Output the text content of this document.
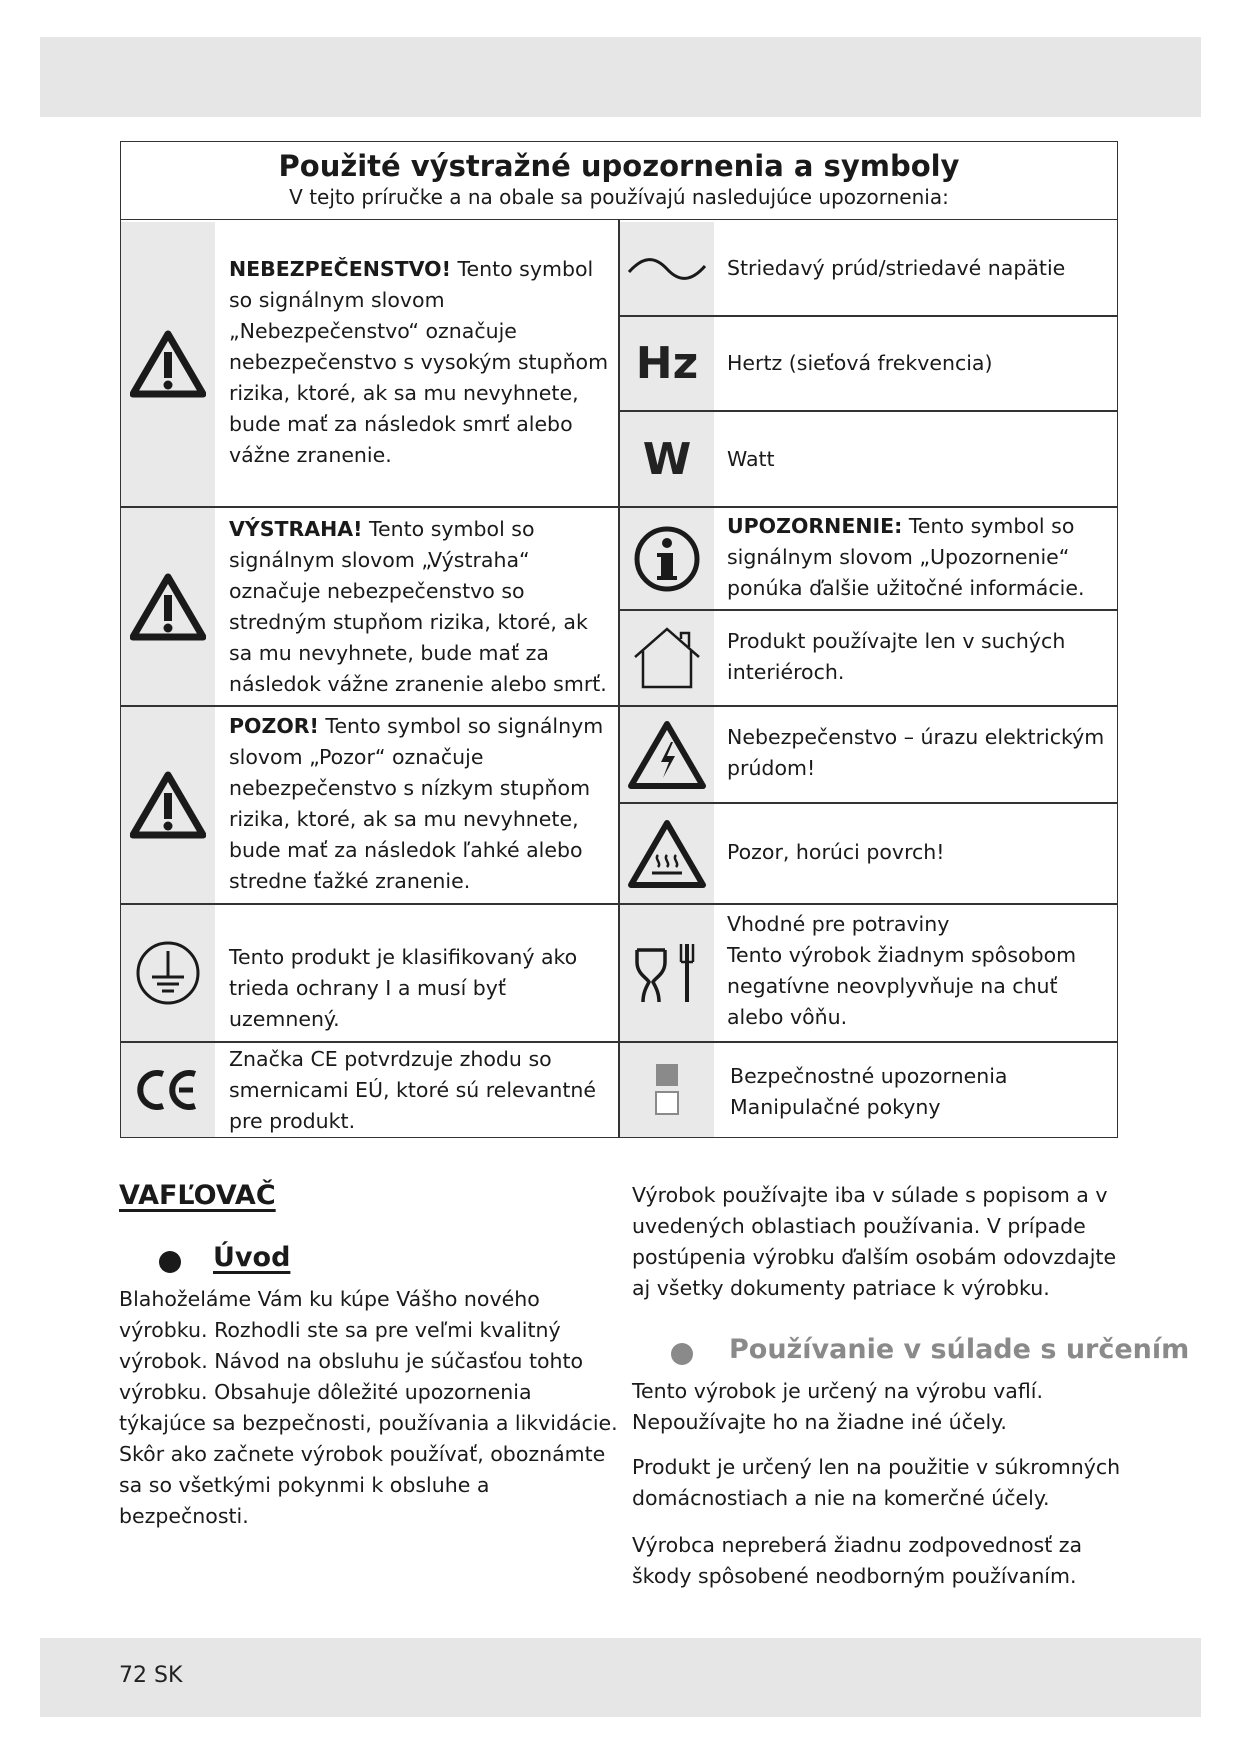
Použité výstražné upozornenia a symboly
V tejto príručke a na obale sa používajú nasledujúce upozornenia:
Hz
W
NEBEZPEČENSTVO! Tento symbol so signálnym slovom „Nebezpečenstvo“ označuje nebezpečenstvo s vysokým stupňom rizika, ktoré, ak sa mu nevyhnete, bude mať za následok smrť alebo vážne zranenie.
VÝSTRAHA! Tento symbol so signálnym slovom „Výstraha“ označuje nebezpečenstvo so stredným stupňom rizika, ktoré, ak sa mu nevyhnete, bude mať za následok vážne zranenie alebo smrť.
POZOR! Tento symbol so signálnym slovom „Pozor“ označuje nebezpečenstvo s nízkym stupňom rizika, ktoré, ak sa mu nevyhnete, bude mať za následok ľahké alebo stredne ťažké zranenie.
Tento produkt je klasifikovaný ako trieda ochrany I a musí byť uzemnený.
Značka CE potvrdzuje zhodu so smernicami EÚ, ktoré sú relevantné pre produkt.
Striedavý prúd/striedavé napätie
Hertz (sieťová frekvencia)
Watt
UPOZORNENIE: Tento symbol so signálnym slovom „Upozornenie“ ponúka ďalšie užitočné informácie.
Produkt používajte len v suchých interiéroch.
Nebezpečenstvo – úrazu elektrickým prúdom!
Pozor, horúci povrch!
Vhodné pre potraviny
Tento výrobok žiadnym spôsobom negatívne neovplyvňuje na chuť alebo vôňu.
Bezpečnostné upozornenia
Manipulačné pokyny
VAFĽOVAČ
Úvod
Blahoželáme Vám ku kúpe Vášho nového výrobku. Rozhodli ste sa pre veľmi kvalitný výrobok. Návod na obsluhu je súčasťou tohto výrobku. Obsahuje dôležité upozornenia týkajúce sa bezpečnosti, používania a likvidácie. Skôr ako začnete výrobok používať, oboznámte sa so všetkými pokynmi k obsluhe a bezpečnosti.
Výrobok používajte iba v súlade s popisom a v uvedených oblastiach používania. V prípade postúpenia výrobku ďalším osobám odovzdajte aj všetky dokumenty patriace k výrobku.
Používanie v súlade s určením
Tento výrobok je určený na výrobu vaflí. Nepoužívajte ho na žiadne iné účely.
Produkt je určený len na použitie v súkromných domácnostiach a nie na komerčné účely.
Výrobca nepreberá žiadnu zodpovednosť za škody spôsobené neodborným používaním.
72 SK
